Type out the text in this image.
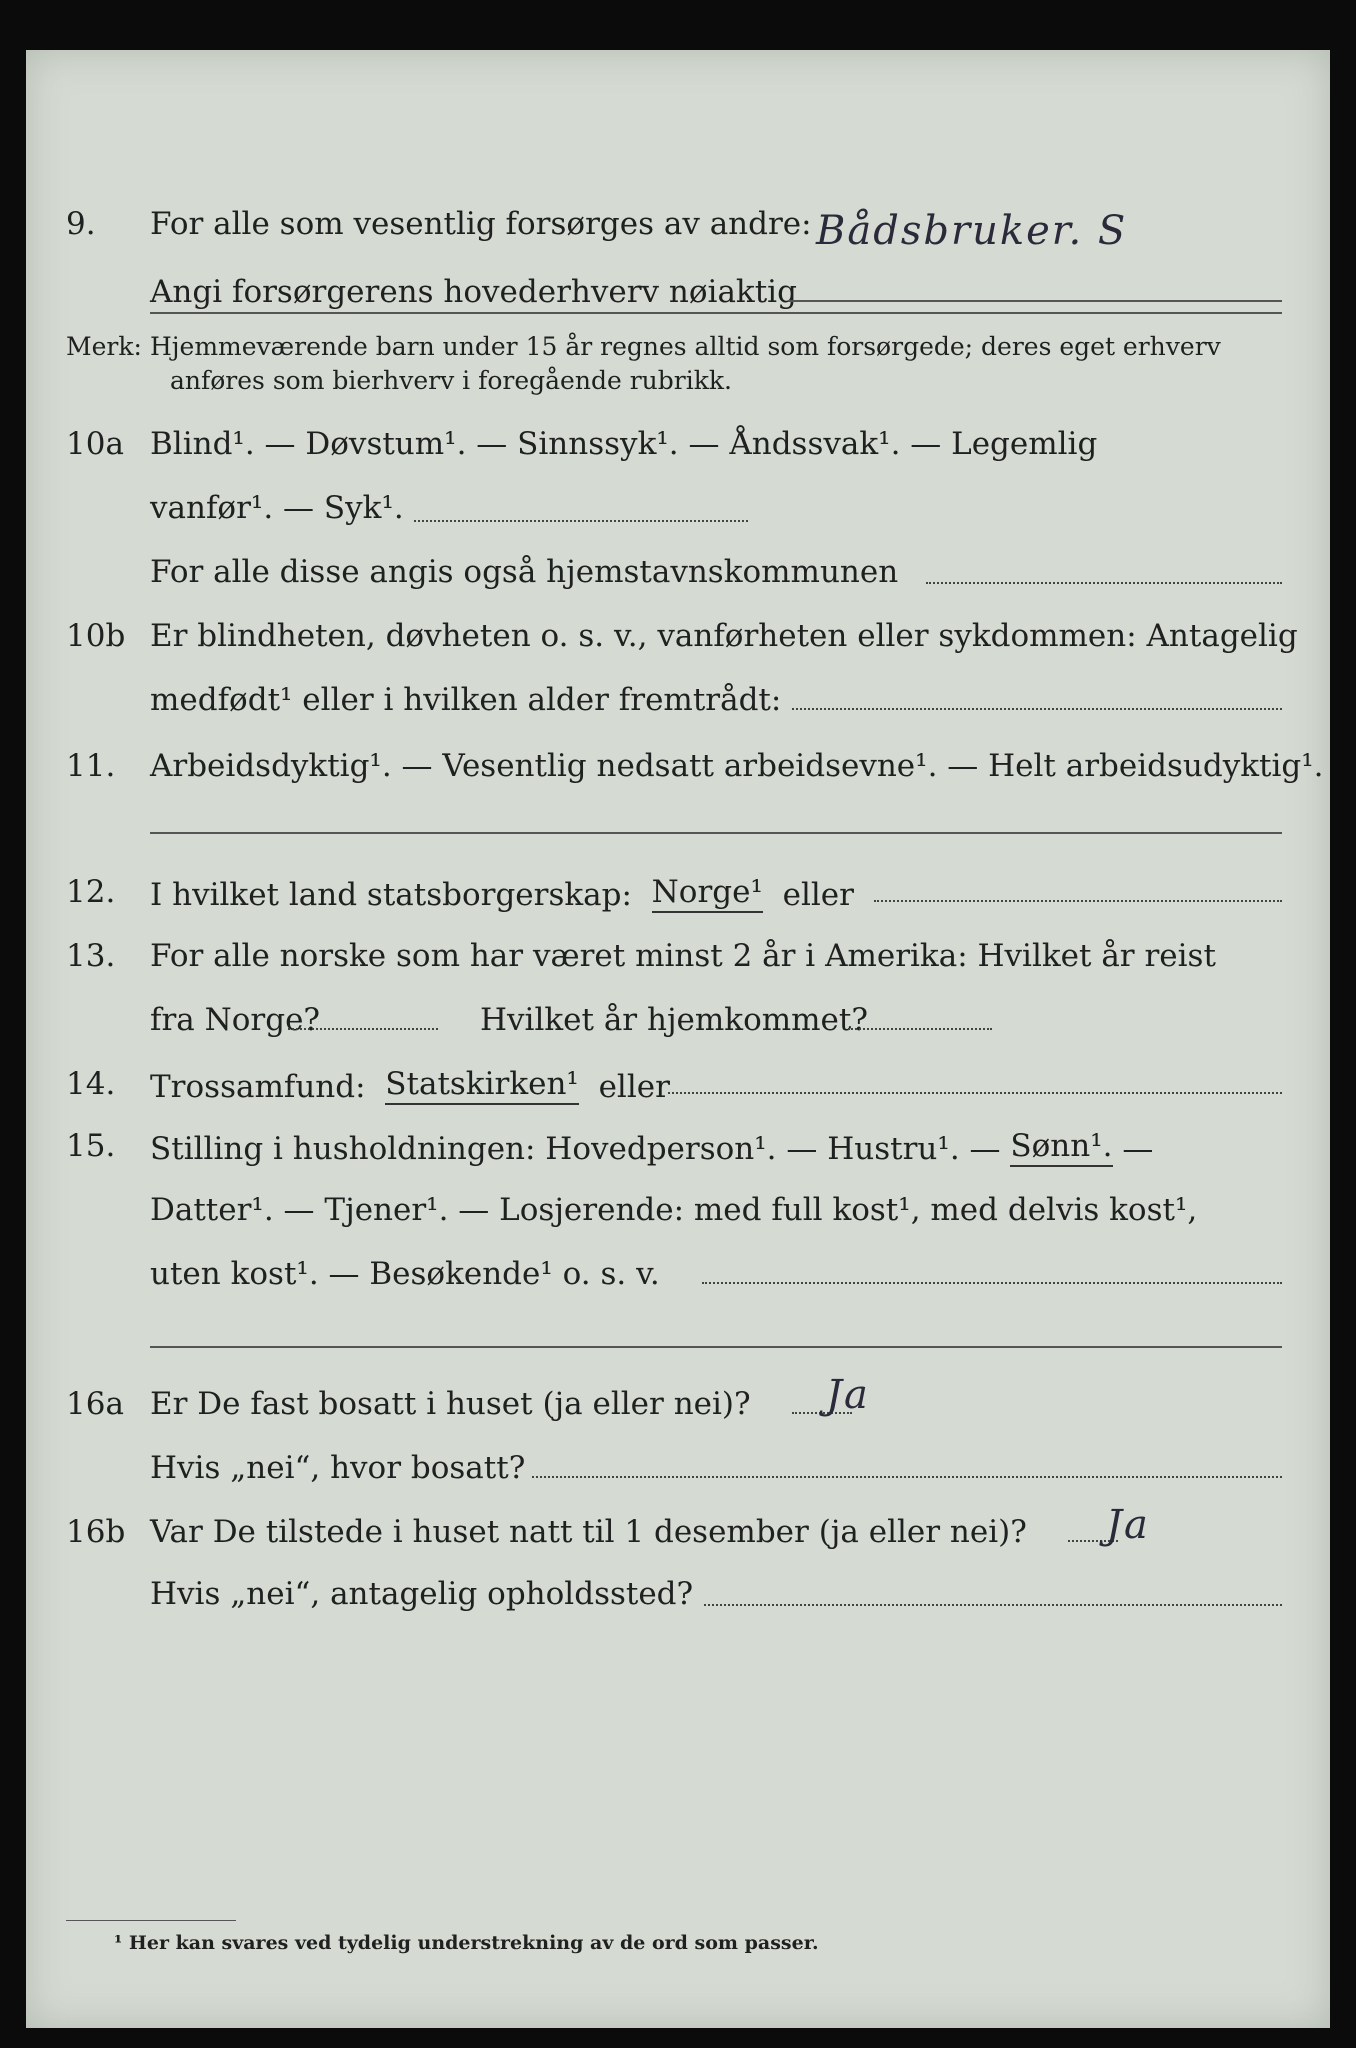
9. For alle som vesentlig forsørges av andre: Bådsbruker. S
Angi forsørgerens hovederhverv nøiaktig
Merk: Hjemmeværende barn under 15 år regnes alltid som forsørgede; deres eget erhverv
anføres som bierhverv i foregående rubrikk.
10a Blind¹. — Døvstum¹. — Sinnssyk¹. — Åndssvak¹. — Legemlig
vanfør¹. — Syk¹.
For alle disse angis også hjemstavnskommunen
10b Er blindheten, døvheten o. s. v., vanførheten eller sykdommen: Antagelig
medfødt¹ eller i hvilken alder fremtrådt:
11. Arbeidsdyktig¹. — Vesentlig nedsatt arbeidsevne¹. — Helt arbeidsudyktig¹.
12. I hvilket land statsborgerskap:
Norge¹
eller
13. For alle norske som har været minst 2 år i Amerika: Hvilket år reist
fra Norge?	Hvilket år hjemkommet?
14. Trossamfund:
Statskirken¹
eller
15. Stilling i husholdningen: Hovedperson¹. — Hustru¹. —
Sønn¹.
—
Datter¹. — Tjener¹. — Losjerende: med full kost¹, med delvis kost¹,
uten kost¹. — Besøkende¹ o. s. v.
16a Er De fast bosatt i huset (ja eller nei)? Ja
Hvis „nei“, hvor bosatt?
16b Var De tilstede i huset natt til 1 desember (ja eller nei)? Ja
Hvis „nei“, antagelig opholdssted?
¹ Her kan svares ved tydelig understrekning av de ord som passer.
